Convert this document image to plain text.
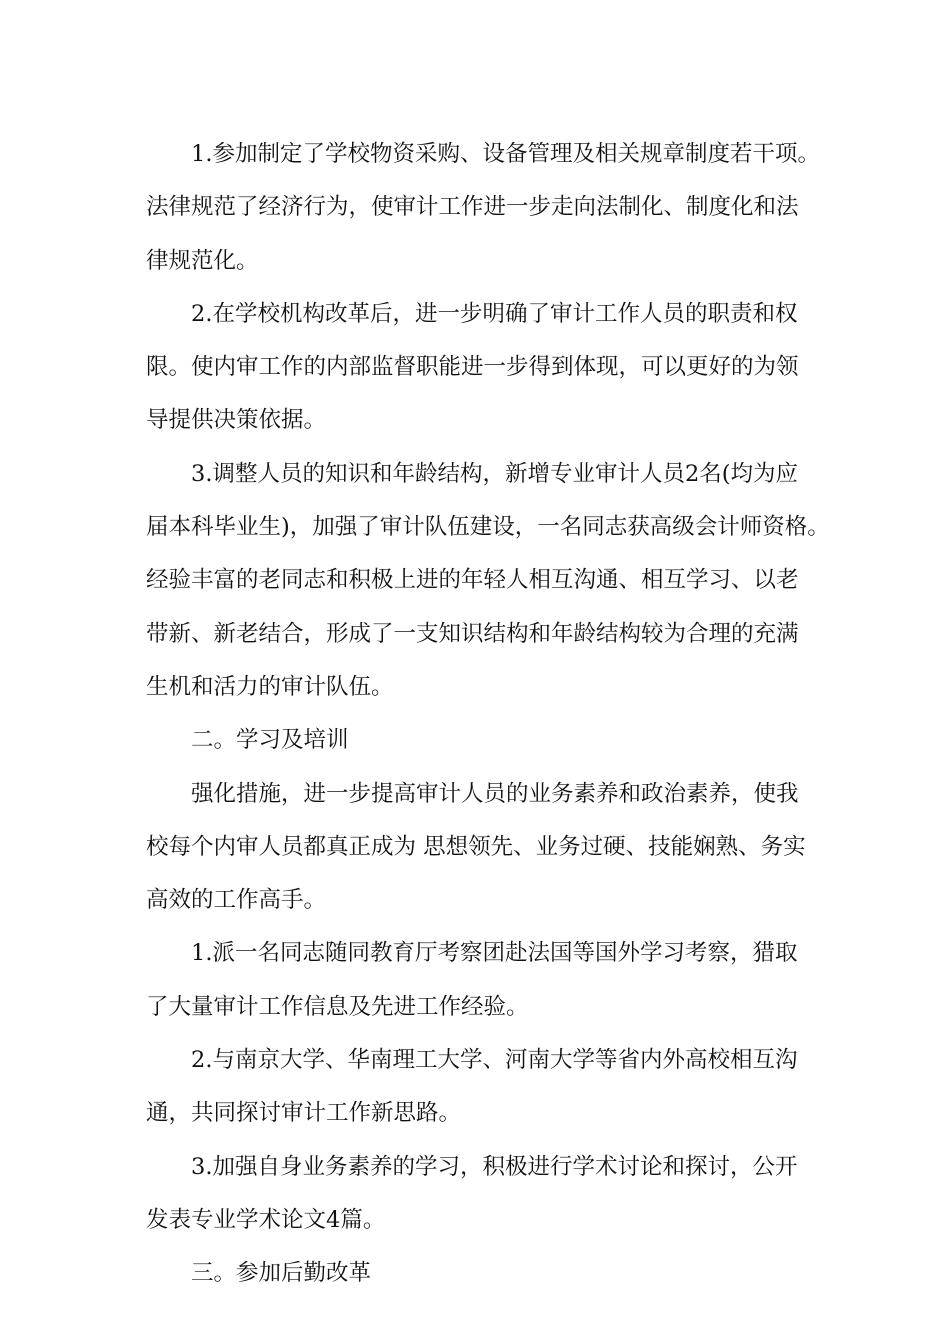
1.参加制定了学校物资采购、设备管理及相关规章制度若干项。
法律规范了经济行为，使审计工作进一步走向法制化、制度化和法
律规范化。
2.在学校机构改革后，进一步明确了审计工作人员的职责和权
限。使内审工作的内部监督职能进一步得到体现，可以更好的为领
导提供决策依据。
3.调整人员的知识和年龄结构，新增专业审计人员2名(均为应
届本科毕业生)，加强了审计队伍建设，一名同志获高级会计师资格。
经验丰富的老同志和积极上进的年轻人相互沟通、相互学习、以老
带新、新老结合，形成了一支知识结构和年龄结构较为合理的充满
生机和活力的审计队伍。
二。学习及培训
强化措施，进一步提高审计人员的业务素养和政治素养，使我
校每个内审人员都真正成为 思想领先、业务过硬、技能娴熟、务实
高效的工作高手。
1.派一名同志随同教育厅考察团赴法国等国外学习考察，猎取
了大量审计工作信息及先进工作经验。
2.与南京大学、华南理工大学、河南大学等省内外高校相互沟
通，共同探讨审计工作新思路。
3.加强自身业务素养的学习，积极进行学术讨论和探讨，公开
发表专业学术论文4篇。
三。参加后勤改革
